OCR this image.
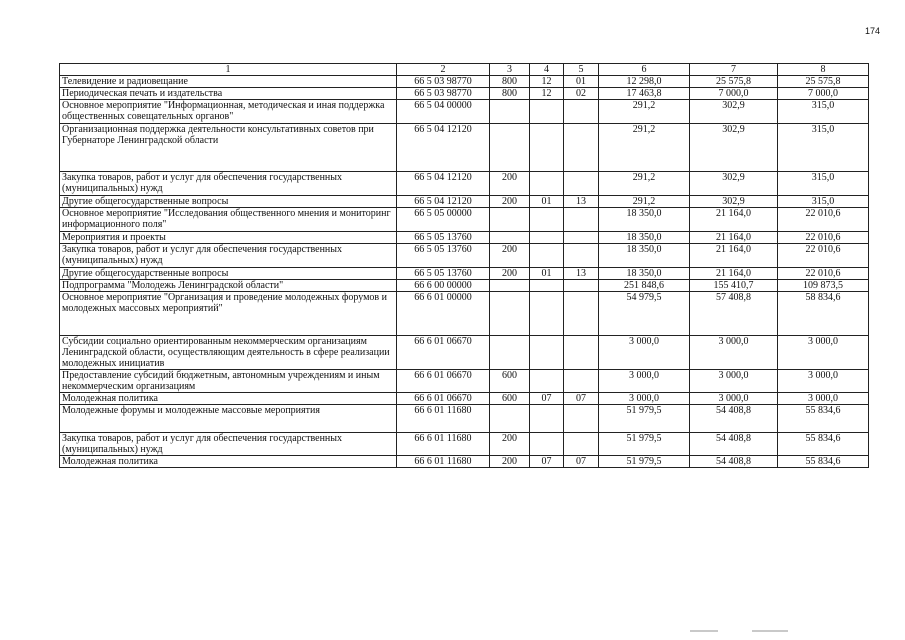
174
1	2	3	4	5	6	7	8
Телевидение и радиовещание	66 5 03 98770	800	12	01	12 298,0	25 575,8	25 575,8
Периодическая печать и издательства	66 5 03 98770	800	12	02	17 463,8	7 000,0	7 000,0
Основное мероприятие "Информационная, методическая и иная поддержка общественных совещательных органов"	66 5 04 00000				291,2	302,9	315,0
Организационная поддержка деятельности консультативных советов при Губернаторе Ленинградской области	66 5 04 12120				291,2	302,9	315,0
Закупка товаров, работ и услуг для обеспечения государственных (муниципальных) нужд	66 5 04 12120	200			291,2	302,9	315,0
Другие общегосударственные вопросы	66 5 04 12120	200	01	13	291,2	302,9	315,0
Основное мероприятие "Исследования общественного мнения и мониторинг информационного поля"	66 5 05 00000				18 350,0	21 164,0	22 010,6
Мероприятия и проекты	66 5 05 13760				18 350,0	21 164,0	22 010,6
Закупка товаров, работ и услуг для обеспечения государственных (муниципальных) нужд	66 5 05 13760	200			18 350,0	21 164,0	22 010,6
Другие общегосударственные вопросы	66 5 05 13760	200	01	13	18 350,0	21 164,0	22 010,6
Подпрограмма "Молодежь Ленинградской области"	66 6 00 00000				251 848,6	155 410,7	109 873,5
Основное мероприятие "Организация и проведение молодежных форумов и молодежных массовых мероприятий"	66 6 01 00000				54 979,5	57 408,8	58 834,6
Субсидии социально ориентированным некоммерческим организациям Ленинградской области, осуществляющим деятельность в сфере реализации молодежных инициатив	66 6 01 06670				3 000,0	3 000,0	3 000,0
Предоставление субсидий бюджетным, автономным учреждениям и иным некоммерческим организациям	66 6 01 06670	600			3 000,0	3 000,0	3 000,0
Молодежная политика	66 6 01 06670	600	07	07	3 000,0	3 000,0	3 000,0
Молодежные форумы и молодежные массовые мероприятия	66 6 01 11680				51 979,5	54 408,8	55 834,6
Закупка товаров, работ и услуг для обеспечения государственных (муниципальных) нужд	66 6 01 11680	200			51 979,5	54 408,8	55 834,6
Молодежная политика	66 6 01 11680	200	07	07	51 979,5	54 408,8	55 834,6
